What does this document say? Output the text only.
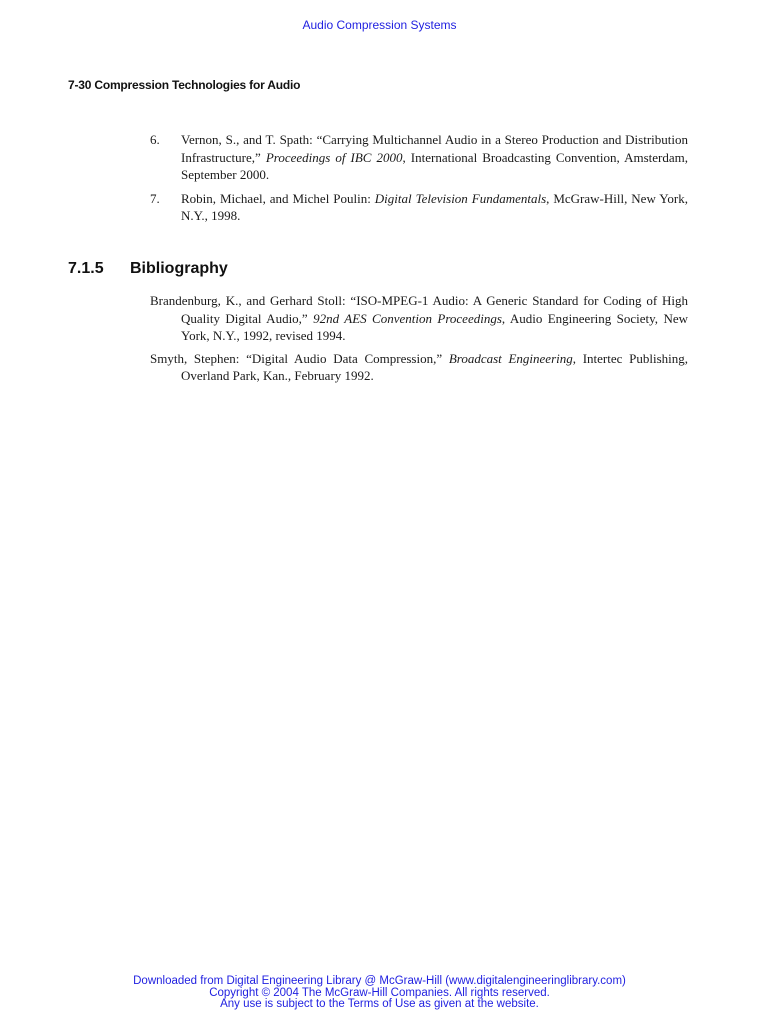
Audio Compression Systems
7-30 Compression Technologies for Audio
6.	Vernon, S., and T. Spath: “Carrying Multichannel Audio in a Stereo Production and Distribution Infrastructure,” Proceedings of IBC 2000, International Broadcasting Convention, Amsterdam, September 2000.
7.	Robin, Michael, and Michel Poulin: Digital Television Fundamentals, McGraw-Hill, New York, N.Y., 1998.
7.1.5	Bibliography
Brandenburg, K., and Gerhard Stoll: “ISO-MPEG-1 Audio: A Generic Standard for Coding of High Quality Digital Audio,” 92nd AES Convention Proceedings, Audio Engineering Society, New York, N.Y., 1992, revised 1994.
Smyth, Stephen: “Digital Audio Data Compression,” Broadcast Engineering, Intertec Publishing, Overland Park, Kan., February 1992.
Downloaded from Digital Engineering Library @ McGraw-Hill (www.digitalengineeringlibrary.com)
Copyright © 2004 The McGraw-Hill Companies. All rights reserved.
Any use is subject to the Terms of Use as given at the website.
